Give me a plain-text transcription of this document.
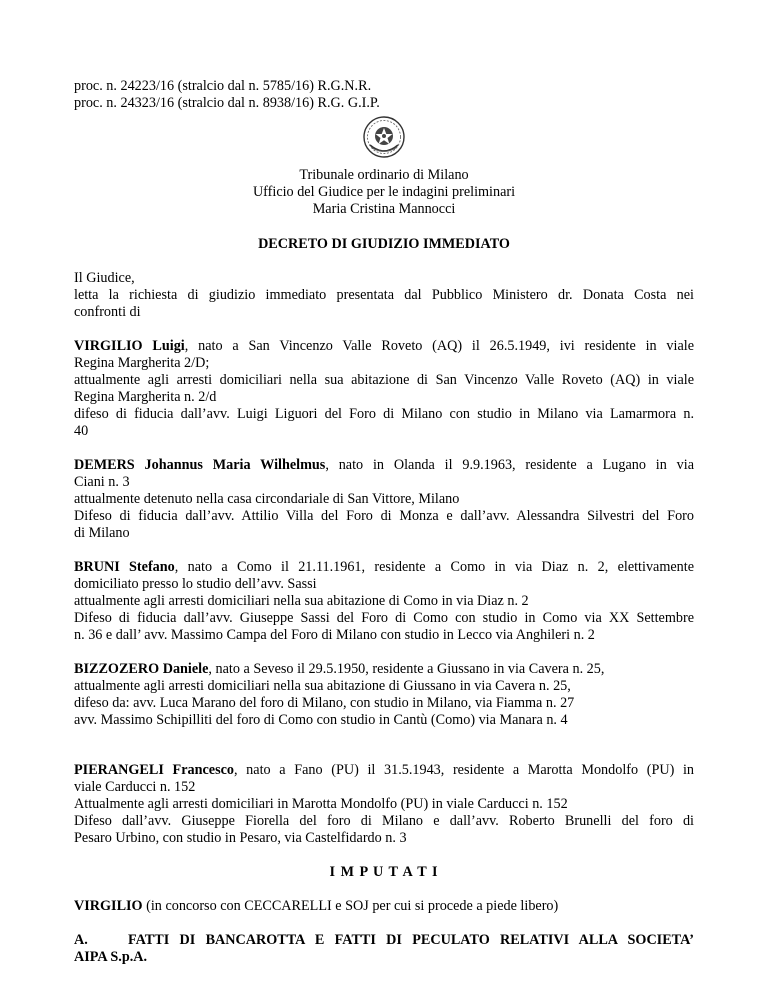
proc. n. 24223/16 (stralcio dal n. 5785/16) R.G.N.R.
proc. n. 24323/16 (stralcio dal n. 8938/16) R.G. G.I.P.
Tribunale ordinario di Milano
Ufficio del Giudice per le indagini preliminari
Maria Cristina Mannocci
DECRETO DI GIUDIZIO IMMEDIATO
Il Giudice,
letta la richiesta di giudizio immediato presentata dal Pubblico Ministero dr. Donata Costa nei
confronti di
VIRGILIO Luigi, nato a San Vincenzo Valle Roveto (AQ) il 26.5.1949, ivi residente in viale
Regina Margherita 2/D;
attualmente agli arresti domiciliari nella sua abitazione di San Vincenzo Valle Roveto (AQ) in viale
Regina Margherita n. 2/d
difeso di fiducia dall’avv. Luigi Liguori del Foro di Milano con studio in Milano via Lamarmora n.
40
DEMERS Johannus Maria Wilhelmus, nato in Olanda il 9.9.1963, residente a Lugano in via
Ciani n. 3
attualmente detenuto nella casa circondariale di San Vittore, Milano
Difeso di fiducia dall’avv. Attilio Villa del Foro di Monza e dall’avv. Alessandra Silvestri del Foro
di Milano
BRUNI Stefano, nato a Como il 21.11.1961, residente a Como in via Diaz n. 2, elettivamente
domiciliato presso lo studio dell’avv. Sassi
attualmente agli arresti domiciliari nella sua abitazione di Como in via Diaz n. 2
Difeso di fiducia dall’avv. Giuseppe Sassi del Foro di Como con studio in Como via XX Settembre
n. 36 e dall’ avv. Massimo Campa del Foro di Milano con studio in Lecco via Anghileri n. 2
BIZZOZERO Daniele, nato a Seveso il 29.5.1950, residente a Giussano in via Cavera n. 25,
attualmente agli arresti domiciliari nella sua abitazione di Giussano in via Cavera n. 25,
difeso da: avv. Luca Marano del foro di Milano, con studio in Milano, via Fiamma n. 27
avv. Massimo Schipilliti del foro di Como con studio in Cantù (Como) via Manara n. 4
PIERANGELI Francesco, nato a Fano (PU) il 31.5.1943, residente a Marotta Mondolfo (PU) in
viale Carducci n. 152
Attualmente agli arresti domiciliari in Marotta Mondolfo (PU) in viale Carducci n. 152
Difeso dall’avv. Giuseppe Fiorella del foro di Milano e dall’avv. Roberto Brunelli del foro di
Pesaro Urbino, con studio in Pesaro, via Castelfidardo n. 3
I M P U T A T I
VIRGILIO (in concorso con CECCARELLI e SOJ per cui si procede a piede libero)
A.	FATTI DI BANCAROTTA E FATTI DI PECULATO RELATIVI ALLA SOCIETA’
AIPA S.p.A.
